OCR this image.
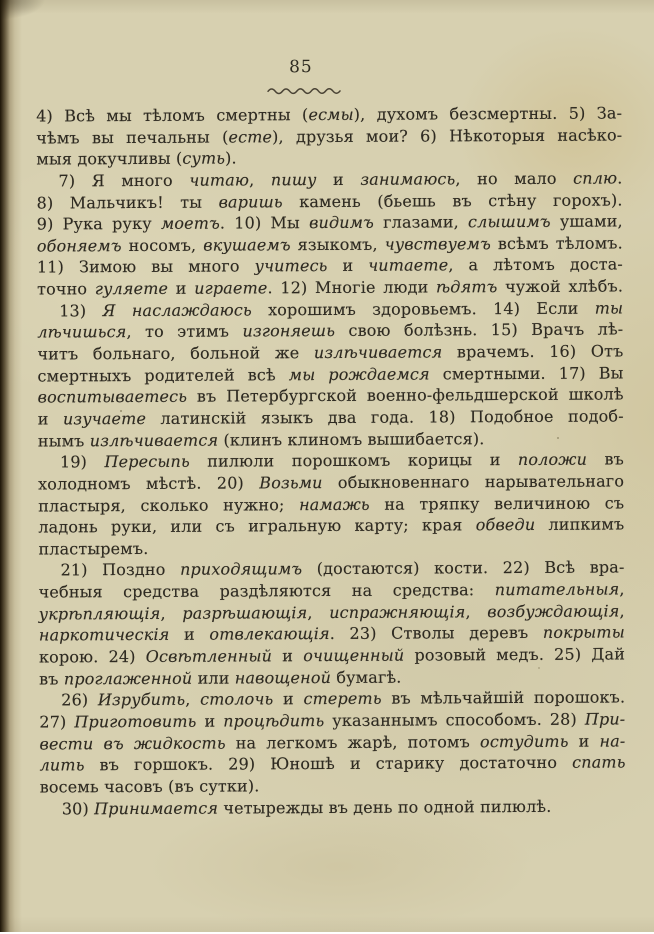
85
4) Всѣ мы тѣломъ смертны (есмы), духомъ безсмертны. 5) За-
чѣмъ вы печальны (есте), друзья мои? 6) Нѣкоторыя насѣко-
мыя докучливы (суть).
7) Я много читаю, пишу и занимаюсь, но мало сплю.
8) Мальчикъ! ты варишь камень (бьешь въ стѣну горохъ).
9) Рука руку моетъ. 10) Мы видимъ глазами, слышимъ ушами,
обоняемъ носомъ, вкушаемъ языкомъ, чувствуемъ всѣмъ тѣломъ.
11) Зимою вы много учитесь и читаете, а лѣтомъ доста-
точно гуляете и играете. 12) Многіе люди ѣдятъ чужой хлѣбъ.
13) Я наслаждаюсь хорошимъ здоровьемъ. 14) Если ты
лѣчишься, то этимъ изгоняешь свою болѣзнь. 15) Врачъ лѣ-
читъ больнаго, больной же излѣчивается врачемъ. 16) Отъ
смертныхъ родителей всѣ мы рождаемся смертными. 17) Вы
воспитываетесь въ Петербургской военно-фельдшерской школѣ
и изучаете латинскій языкъ два года. 18) Подобное подоб-
нымъ излѣчивается (клинъ клиномъ вышибается).
19) Пересыпь пилюли порошкомъ корицы и положи въ
холодномъ мѣстѣ. 20) Возьми обыкновеннаго нарывательнаго
пластыря, сколько нужно; намажь на тряпку величиною съ
ладонь руки, или съ игральную карту; края обведи липкимъ
пластыремъ.
21) Поздно приходящимъ (достаются) кости. 22) Всѣ вра-
чебныя средства раздѣляются на средства: питательныя,
укрѣпляющія, разрѣшающія, испражняющія, возбуждающія,
наркотическія и отвлекающія. 23) Стволы деревъ покрыты
корою. 24) Освѣтленный и очищенный розовый медъ. 25) Дай
въ проглаженной или навощеной бумагѣ.
26) Изрубить, столочь и стереть въ мѣльчайшій порошокъ.
27) Приготовить и процѣдить указаннымъ способомъ. 28) При-
вести въ жидкость на легкомъ жарѣ, потомъ остудить и на-
лить въ горшокъ. 29) Юношѣ и старику достаточно спать
восемь часовъ (въ сутки).
30) Принимается четырежды въ день по одной пилюлѣ.
